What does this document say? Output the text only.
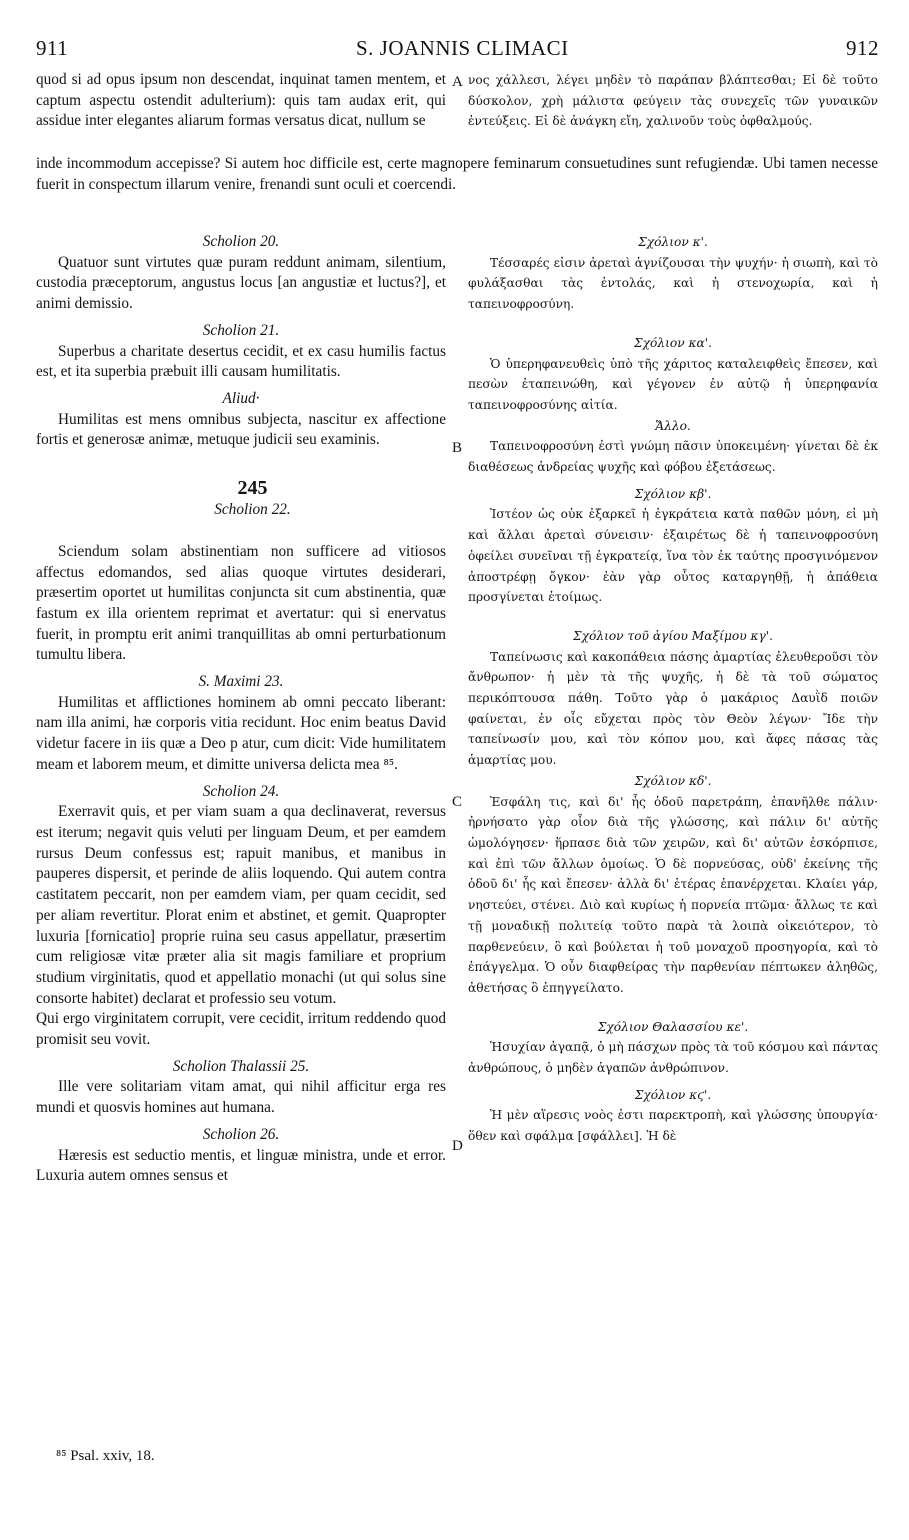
911	S. JOANNIS CLIMACI	912
A
B
C
D

quod si ad opus ipsum non descendat, inquinat tamen mentem, et captum aspectu ostendit adulterium): quis tam audax erit, qui assidue inter elegantes aliarum formas versatus dicat, nullum se

νος χάλλεσι, λέγει μηδὲν τὸ παράπαν βλάπτεσθαι; Εἰ δὲ τοῦτο δύσκολον, χρὴ μάλιστα φεύγειν τὰς συνεχεῖς τῶν γυναικῶν ἐντεύξεις. Εἰ δὲ ἀνάγκη εἴη, χαλινοῦν τοὺς ὀφθαλμούς.

inde incommodum accepisse? Si autem hoc difficile est, certe magnopere feminarum consuetudines sunt refugiendæ. Ubi tamen necesse fuerit in conspectum illarum venire, frenandi sunt oculi et coercendi.

Scholion 20.

Quatuor sunt virtutes quæ puram reddunt animam, silentium, custodia præceptorum, angustus locus [an angustiæ et luctus?], et animi demissio.

Scholion 21.

Superbus a charitate desertus cecidit, et ex casu humilis factus est, et ita superbia præbuit illi causam humilitatis.

Aliud·

Humilitas est mens omnibus subjecta, nascitur ex affectione fortis et generosæ animæ, metuque judicii seu examinis.

245
Scholion 22.

Sciendum solam abstinentiam non sufficere ad vitiosos affectus edomandos, sed alias quoque virtutes desiderari, præsertim oportet ut humilitas conjuncta sit cum abstinentia, quæ fastum ex illa orientem reprimat et avertatur: qui si enervatus fuerit, in promptu erit animi tranquillitas ab omni perturbationum tumultu libera.

S. Maximi 23.

Humilitas et afflictiones hominem ab omni peccato liberant: nam illa animi, hæ corporis vitia recidunt. Hoc enim beatus David videtur facere in iis quæ a Deo p atur, cum dicit: Vide humilitatem meam et laborem meum, et dimitte universa delicta mea ⁸⁵.

Scholion 24.

Exerravit quis, et per viam suam a qua declinaverat, reversus est iterum; negavit quis veluti per linguam Deum, et per eamdem rursus Deum confessus est; rapuit manibus, et manibus in pauperes dispersit, et perinde de aliis loquendo. Qui autem contra castitatem peccarit, non per eamdem viam, per quam cecidit, sed per aliam revertitur. Plorat enim et abstinet, et gemit. Quapropter luxuria [fornicatio] proprie ruina seu casus appellatur, præsertim cum religiosæ vitæ præter alia sit magis familiare et proprium studium virginitatis, quod et appellatio monachi (ut qui solus sine consorte habitet) declarat et professio seu votum.

Qui ergo virginitatem corrupit, vere cecidit, irritum reddendo quod promisit seu vovit.

Scholion Thalassii 25.

Ille vere solitariam vitam amat, qui nihil afficitur erga res mundi et quosvis homines aut humana.

Scholion 26.

Hæresis est seductio mentis, et linguæ ministra, unde et error. Luxuria autem omnes sensus et

Σχόλιον κ'.

Τέσσαρές εἰσιν ἀρεταὶ ἁγνίζουσαι τὴν ψυχήν· ἡ σιωπὴ, καὶ τὸ φυλάξασθαι τὰς ἐντολάς, καὶ ἡ στενοχωρία, καὶ ἡ ταπεινοφροσύνη.

Σχόλιον κα'.

Ὁ ὑπερηφανευθεὶς ὑπὸ τῆς χάριτος καταλειφθεὶς ἔπεσεν, καὶ πεσὼν ἐταπεινώθη, καὶ γέγονεν ἐν αὐτῷ ἡ ὑπερηφανία ταπεινοφροσύνης αἰτία.

Ἄλλο.

Ταπεινοφροσύνη ἐστὶ γνώμη πᾶσιν ὑποκειμένη· γίνεται δὲ ἐκ διαθέσεως ἀνδρείας ψυχῆς καὶ φόβου ἐξετάσεως.

Σχόλιον κβ'.

Ἰστέον ὡς οὐκ ἐξαρκεῖ ἡ ἐγκράτεια κατὰ παθῶν μόνη, εἰ μὴ καὶ ἄλλαι ἀρεταὶ σύνεισιν· ἐξαιρέτως δὲ ἡ ταπεινοφροσύνη ὀφείλει συνεῖναι τῇ ἐγκρατείᾳ, ἵνα τὸν ἐκ ταύτης προσγινόμενον ἀποστρέφῃ ὄγκον· ἐὰν γὰρ οὗτος καταργηθῇ, ἡ ἀπάθεια προσγίνεται ἑτοίμως.

Σχόλιον τοῦ ἁγίου Μαξίμου κγ'.

Ταπείνωσις καὶ κακοπάθεια πάσης ἁμαρτίας ἐλευθεροῦσι τὸν ἄνθρωπον· ἡ μὲν τὰ τῆς ψυχῆς, ἡ δὲ τὰ τοῦ σώματος περικόπτουσα πάθη. Τοῦτο γὰρ ὁ μακάριος Δαυῒδ ποιῶν φαίνεται, ἐν οἷς εὔχεται πρὸς τὸν Θεὸν λέγων· Ἴδε τὴν ταπείνωσίν μου, καὶ τὸν κόπον μου, καὶ ἄφες πάσας τὰς ἁμαρτίας μου.

Σχόλιον κδ'.

Ἐσφάλη τις, καὶ δι' ἧς ὁδοῦ παρετράπη, ἐπανῆλθε πάλιν· ἠρνήσατο γὰρ οἷον διὰ τῆς γλώσσης, καὶ πάλιν δι' αὐτῆς ὡμολόγησεν· ἥρπασε διὰ τῶν χειρῶν, καὶ δι' αὐτῶν ἐσκόρπισε, καὶ ἐπὶ τῶν ἄλλων ὁμοίως. Ὁ δὲ πορνεύσας, οὐδ' ἐκείνης τῆς ὁδοῦ δι' ἧς καὶ ἔπεσεν· ἀλλὰ δι' ἑτέρας ἐπανέρχεται. Κλαίει γάρ, νηστεύει, στένει. Διὸ καὶ κυρίως ἡ πορνεία πτῶμα· ἄλλως τε καὶ τῇ μοναδικῇ πολιτείᾳ τοῦτο παρὰ τὰ λοιπὰ οἰκειότερον, τὸ παρθενεύειν, ὃ καὶ βούλεται ἡ τοῦ μοναχοῦ προσηγορία, καὶ τὸ ἐπάγγελμα. Ὁ οὖν διαφθείρας τὴν παρθενίαν πέπτωκεν ἀληθῶς, ἀθετήσας ὃ ἐπηγγείλατο.

Σχόλιον Θαλασσίου κε'.

Ἡσυχίαν ἀγαπᾷ, ὁ μὴ πάσχων πρὸς τὰ τοῦ κόσμου καὶ πάντας ἀνθρώπους, ὁ μηδὲν ἀγαπῶν ἀνθρώπινον.

Σχόλιον κϛ'.

Ἡ μὲν αἵρεσις νοὸς ἐστι παρεκτροπὴ, καὶ γλώσσης ὑπουργία· ὅθεν καὶ σφάλμα [σφάλλει]. Ἡ δὲ

⁸⁵ Psal. xxiv, 18.
